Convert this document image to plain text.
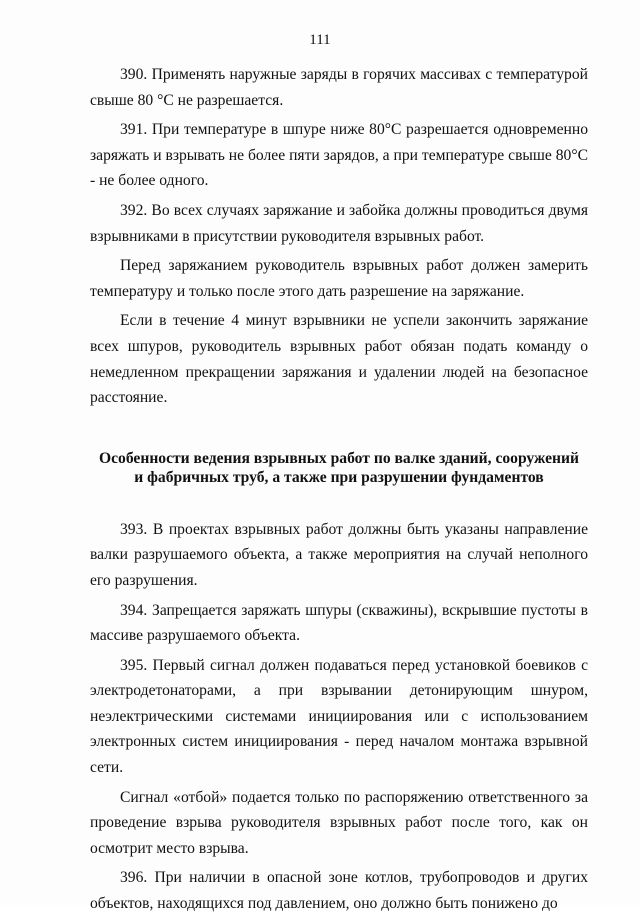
111

390. Применять наружные заряды в горячих массивах с температурой свыше 80 °С не разрешается.

391. При температуре в шпуре ниже 80°С разрешается одновременно заряжать и взрывать не более пяти зарядов, а при температуре свыше 80°С - не более одного.

392. Во всех случаях заряжание и забойка должны проводиться двумя взрывниками в присутствии руководителя взрывных работ.

Перед заряжанием руководитель взрывных работ должен замерить температуру и только после этого дать разрешение на заряжание.

Если в течение 4 минут взрывники не успели закончить заряжание всех шпуров, руководитель взрывных работ обязан подать команду о немедленном прекращении заряжания и удалении людей на безопасное расстояние.

Особенности ведения взрывных работ по валке зданий, сооружений
и фабричных труб, а также при разрушении фундаментов

393. В проектах взрывных работ должны быть указаны направление валки разрушаемого объекта, а также мероприятия на случай неполного его разрушения.

394. Запрещается заряжать шпуры (скважины), вскрывшие пустоты в массиве разрушаемого объекта.

395. Первый сигнал должен подаваться перед установкой боевиков с электродетонаторами, а при взрывании детонирующим шнуром, неэлектрическими системами инициирования или с использованием электронных систем инициирования - перед началом монтажа взрывной сети.

Сигнал «отбой» подается только по распоряжению ответственного за проведение взрыва руководителя взрывных работ после того, как он осмотрит место взрыва.

396. При наличии в опасной зоне котлов, трубопроводов и других объектов, находящихся под давлением, оно должно быть понижено до
